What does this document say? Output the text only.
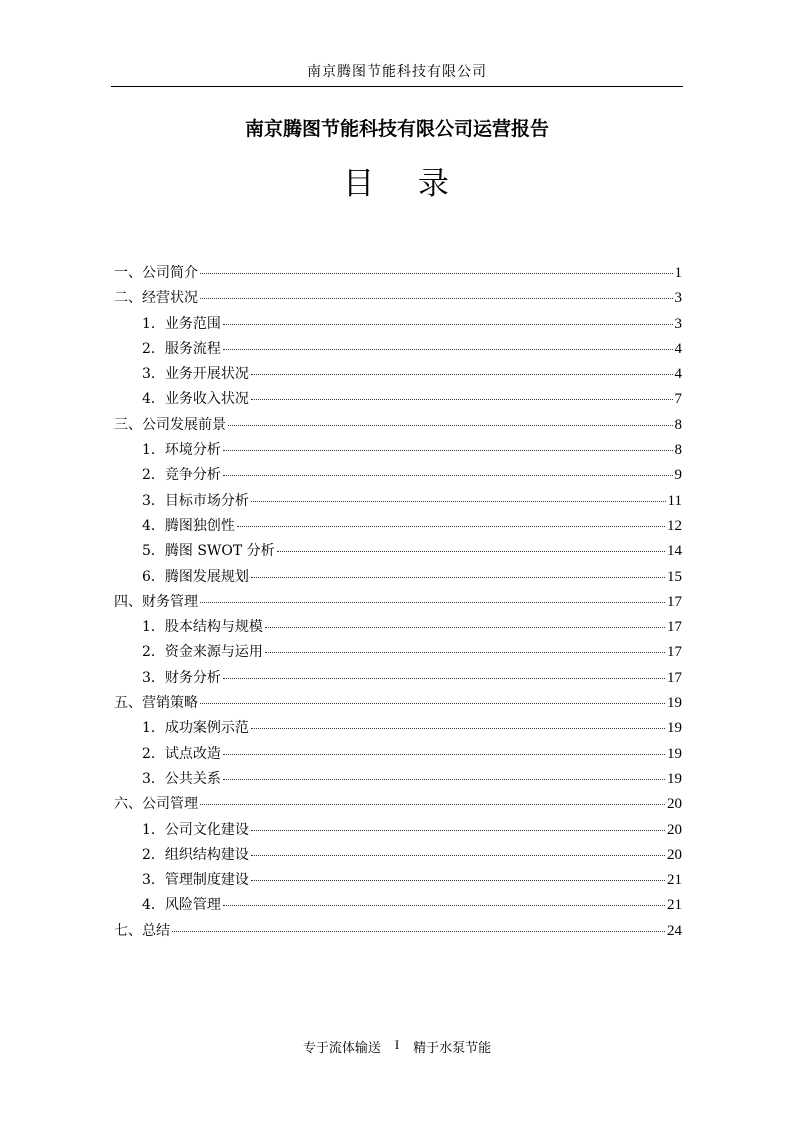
南京腾图节能科技有限公司
南京腾图节能科技有限公司运营报告
目 录
一、公司简介	1
二、经营状况	3
1．业务范围	3
2．服务流程	4
3．业务开展状况	4
4．业务收入状况	7
三、公司发展前景	8
1．环境分析	8
2．竞争分析	9
3．目标市场分析	11
4．腾图独创性	12
5．腾图 SWOT 分析	14
6．腾图发展规划	15
四、财务管理	17
1．股本结构与规模	17
2．资金来源与运用	17
3．财务分析	17
五、营销策略	19
1．成功案例示范	19
2．试点改造	19
3．公共关系	19
六、公司管理	20
1．公司文化建设	20
2．组织结构建设	20
3．管理制度建设	21
4．风险管理	21
七、总结	24
专于流体输送 I 精于水泵节能
